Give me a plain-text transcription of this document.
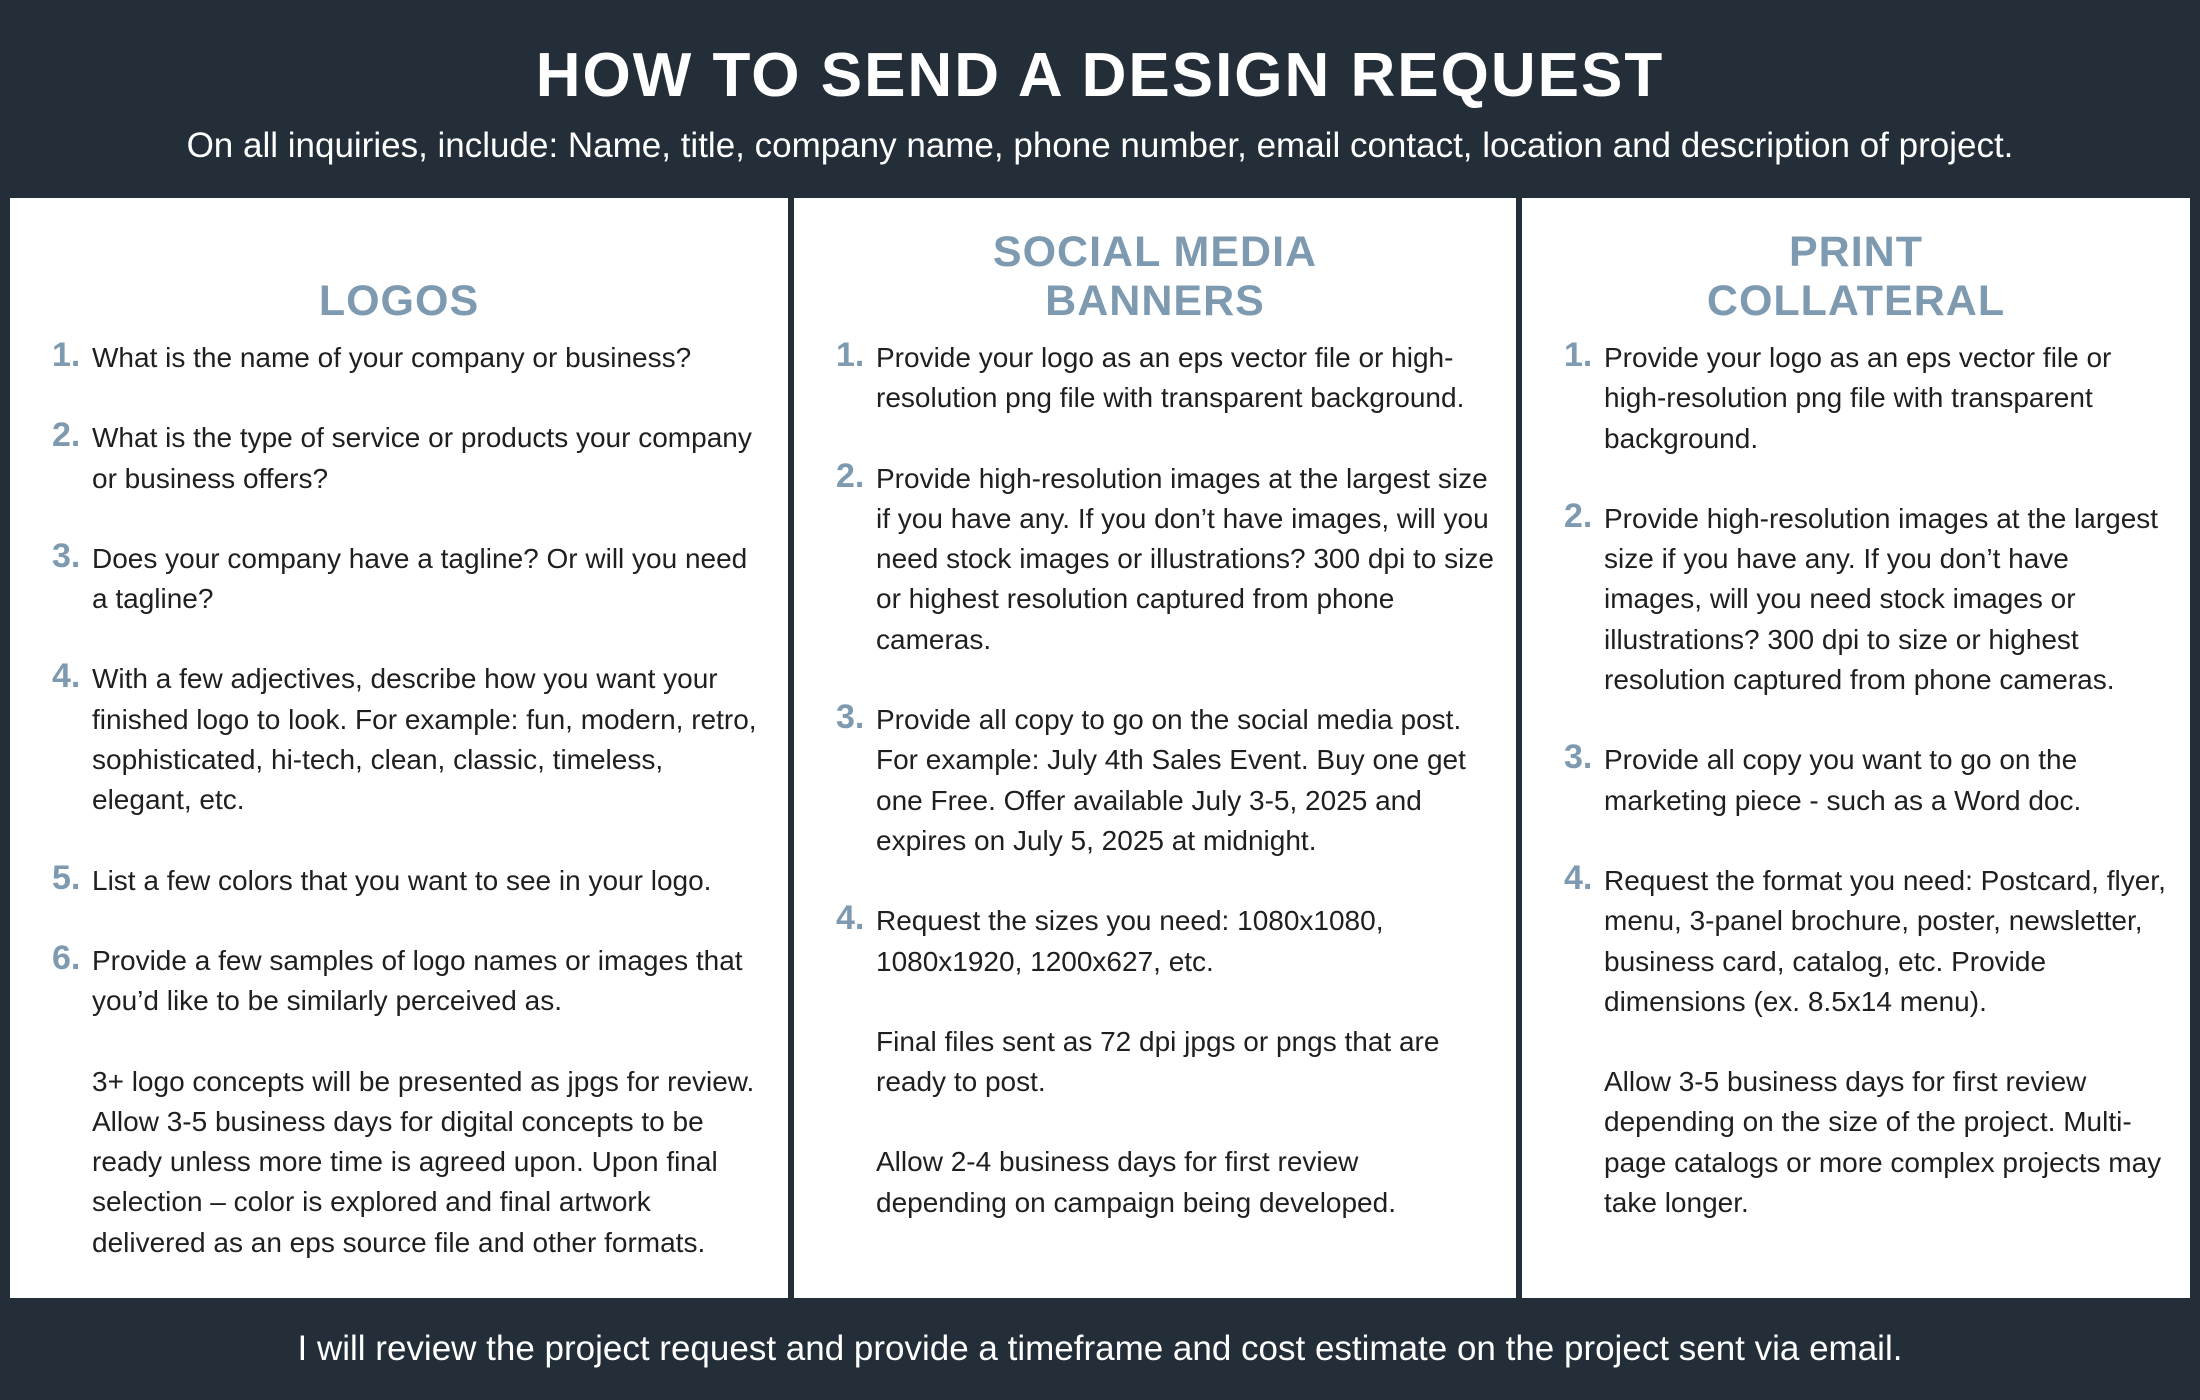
HOW TO SEND A DESIGN REQUEST

On all inquiries, include: Name, title, company name, phone number, email contact, location and description of project.

LOGOS
1. What is the name of your company or business?
2. What is the type of service or products your company or business offers?
3. Does your company have a tagline? Or will you need a tagline?
4. With a few adjectives, describe how you want your finished logo to look. For example: fun, modern, retro, sophisticated, hi-tech, clean, classic, timeless, elegant, etc.
5. List a few colors that you want to see in your logo.
6. Provide a few samples of logo names or images that you’d like to be similarly perceived as.
3+ logo concepts will be presented as jpgs for review. Allow 3-5 business days for digital concepts to be ready unless more time is agreed upon. Upon final selection – color is explored and final artwork delivered as an eps source file and other formats.
SOCIAL MEDIA
BANNERS
1. Provide your logo as an eps vector file or high-resolution png file with transparent background.
2. Provide high-resolution images at the largest size if you have any. If you don’t have images, will you need stock images or illustrations? 300 dpi to size or highest resolution captured from phone cameras.
3. Provide all copy to go on the social media post. For example: July 4th Sales Event. Buy one get one Free. Offer available July 3-5, 2025 and expires on July 5, 2025 at midnight.
4. Request the sizes you need: 1080x1080, 1080x1920, 1200x627, etc.
Final files sent as 72 dpi jpgs or pngs that are ready to post.
Allow 2-4 business days for first review depending on campaign being developed.
PRINT
COLLATERAL
1. Provide your logo as an eps vector file or high-resolution png file with transparent background.
2. Provide high-resolution images at the largest size if you have any. If you don’t have images, will you need stock images or illustrations? 300 dpi to size or highest resolution captured from phone cameras.
3. Provide all copy you want to go on the marketing piece - such as a Word doc.
4. Request the format you need: Postcard, flyer, menu, 3-panel brochure, poster, newsletter, business card, catalog, etc. Provide dimensions (ex. 8.5x14 menu).
Allow 3-5 business days for first review depending on the size of the project. Multi-page catalogs or more complex projects may take longer.
I will review the project request and provide a timeframe and cost estimate on the project sent via email.
